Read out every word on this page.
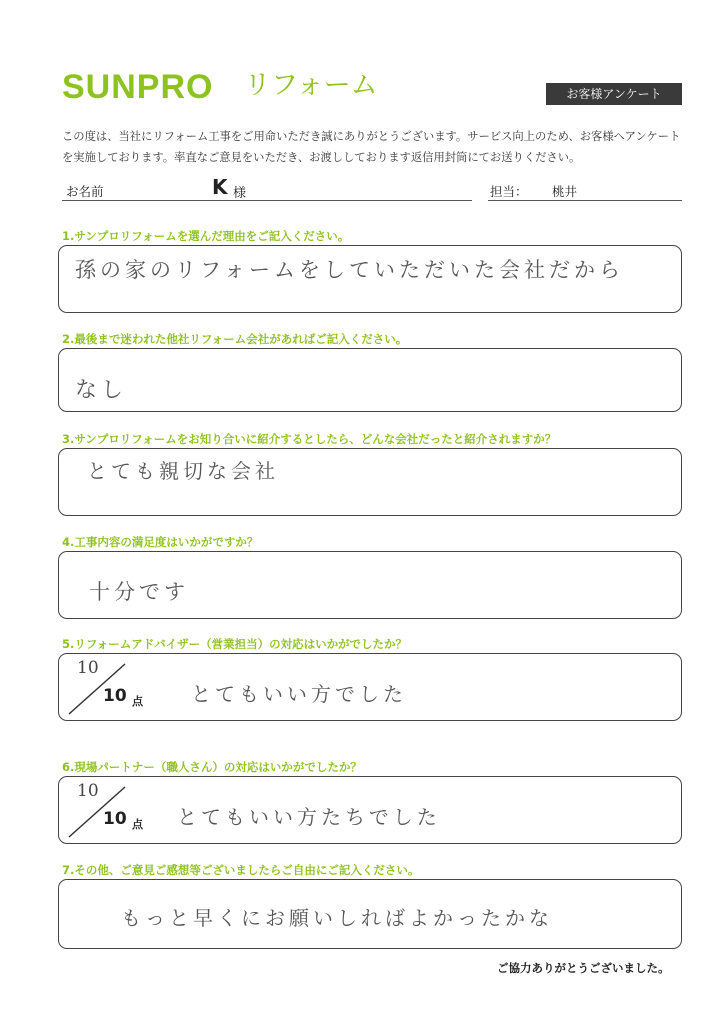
SUNPRO リフォーム	お客様アンケート
この度は、当社にリフォーム工事をご用命いただき誠にありがとうございます。サービス向上のため、お客様へアンケートを実施しております。率直なご意見をいただき、お渡ししております返信用封筒にてお送りください。
お名前	K 様	担当： 桃井
1.サンプロリフォームを選んだ理由をご記入ください。
孫の家のリフォームをしていただいた会社だから
2.最後まで迷われた他社リフォーム会社があればご記入ください。
なし
3.サンプロリフォームをお知り合いに紹介するとしたら、どんな会社だったと紹介されますか？
とても親切な会社
4.工事内容の満足度はいかがですか？
十分です
5.リフォームアドバイザー（営業担当）の対応はいかがでしたか？
10
10 点 とてもいい方でした
6.現場パートナー（職人さん）の対応はいかがでしたか？
10
10 点 とてもいい方たちでした
7.その他、ご意見ご感想等ございましたらご自由にご記入ください。
もっと早くにお願いしればよかったかな
ご協力ありがとうございました。
